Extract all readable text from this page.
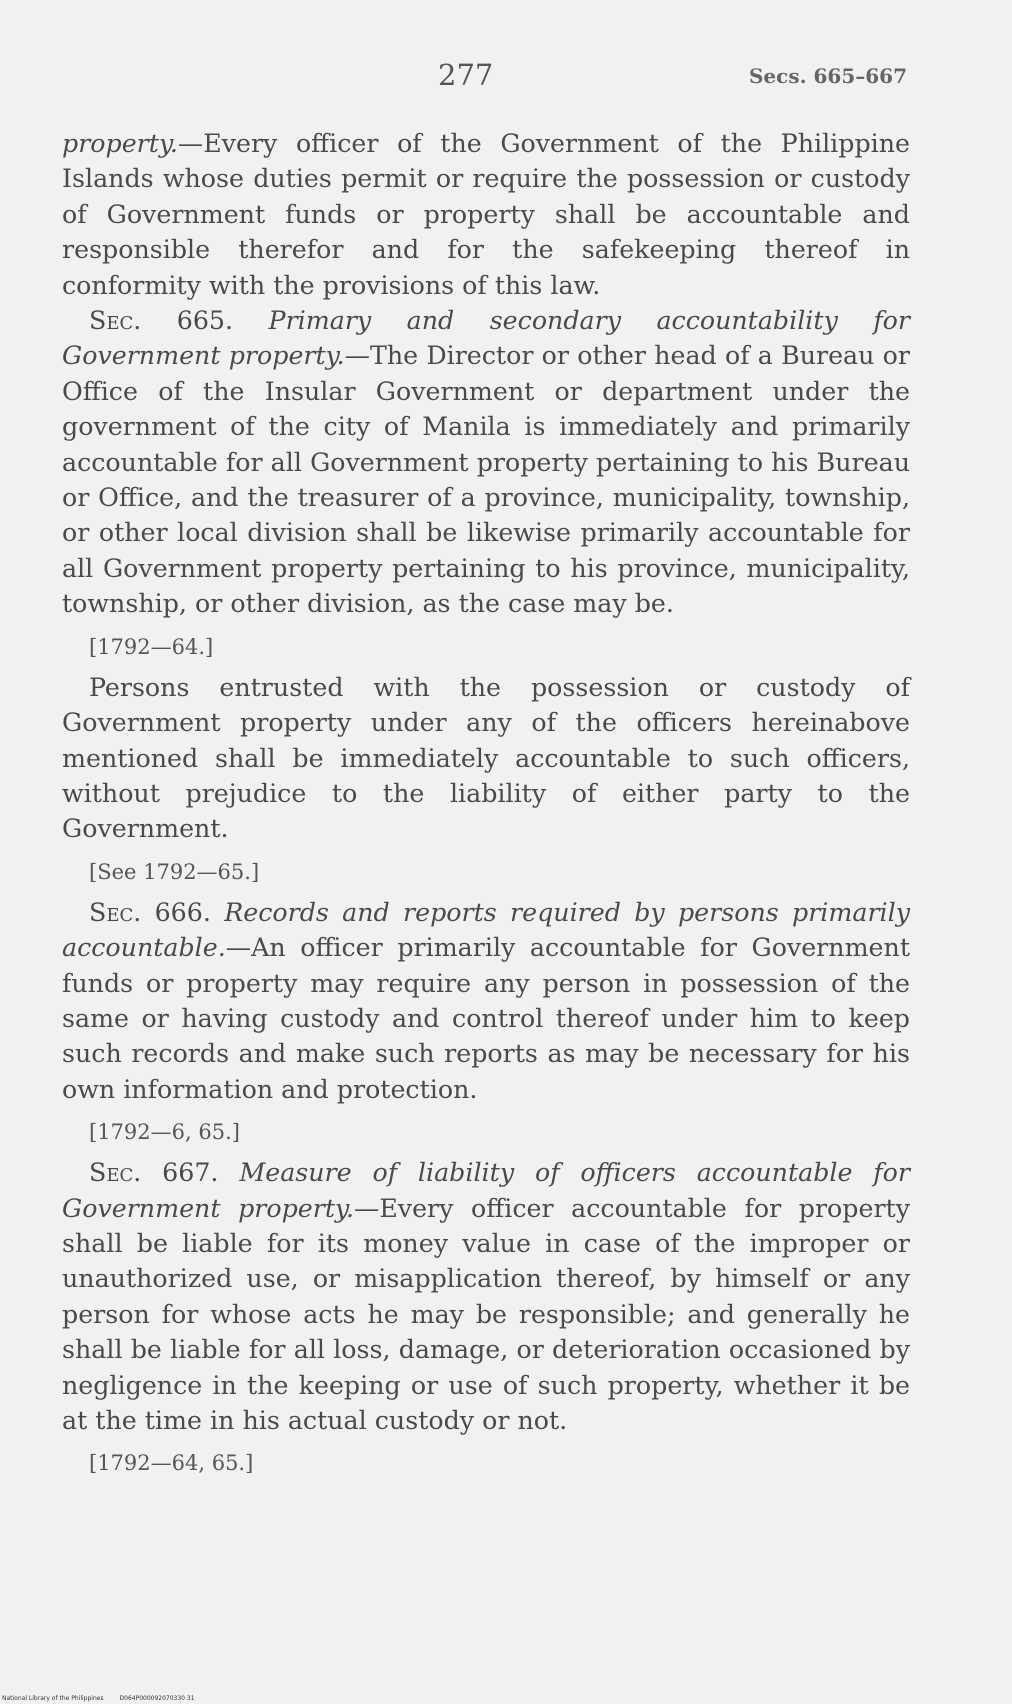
277	Secs. 665–667

property.—Every officer of the Government of the Philippine Islands whose duties permit or require the possession or custody of Government funds or property shall be accountable and responsible therefor and for the safekeeping thereof in conformity with the provisions of this law.

Sec. 665. Primary and secondary accountability for Government property.—The Director or other head of a Bureau or Office of the Insular Government or department under the government of the city of Manila is immediately and primarily accountable for all Government property pertaining to his Bureau or Office, and the treasurer of a province, municipality, township, or other local division shall be likewise primarily accountable for all Government property pertaining to his province, municipality, township, or other division, as the case may be.

[1792—64.]

Persons entrusted with the possession or custody of Government property under any of the officers hereinabove mentioned shall be immediately accountable to such officers, without prejudice to the liability of either party to the Government.

[See 1792—65.]

Sec. 666. Records and reports required by persons primarily accountable.—An officer primarily accountable for Government funds or property may require any person in possession of the same or having custody and control thereof under him to keep such records and make such reports as may be necessary for his own information and protection.

[1792—6, 65.]

Sec. 667. Measure of liability of officers accountable for Government property.—Every officer accountable for property shall be liable for its money value in case of the improper or unauthorized use, or misapplication thereof, by himself or any person for whose acts he may be responsible; and generally he shall be liable for all loss, damage, or deterioration occasioned by negligence in the keeping or use of such property, whether it be at the time in his actual custody or not.

[1792—64, 65.]

National Library of the Philippines	D064P000092070330 31
